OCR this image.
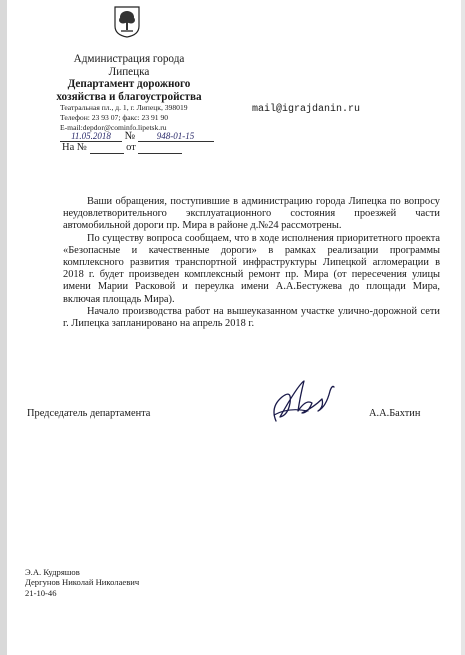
Администрация города
Липецка
Департамент дорожного
хозяйства и благоустройства
Театральная пл., д. 1, г. Липецк, 398019
Телефон: 23 93 07; факс: 23 91 90
E-mail:depdor@cominfo.lipetsk.ru
mail@igrajdanin.ru
11.05.2018 № 948-01-15
На №	от

Ваши обращения, поступившие в администрацию города Липецка по вопросу неудовлетворительного эксплуатационного состояния проезжей части автомобильной дороги пр. Мира в районе д.№24 рассмотрены.

По существу вопроса сообщаем, что в ходе исполнения приоритетного проекта «Безопасные и качественные дороги» в рамках реализации программы комплексного развития транспортной инфраструктуры Липецкой агломерации в 2018 г. будет произведен комплексный ремонт пр. Мира (от пересечения улицы имени Марии Расковой и переулка имени А.А.Бестужева до площади Мира, включая площадь Мира).

Начало производства работ на вышеуказанном участке улично-дорожной сети г. Липецка запланировано на апрель 2018 г.

Председатель департамента	А.А.Бахтин
Э.А. Кудряшов
Дергунов Николай Николаевич
21-10-46
